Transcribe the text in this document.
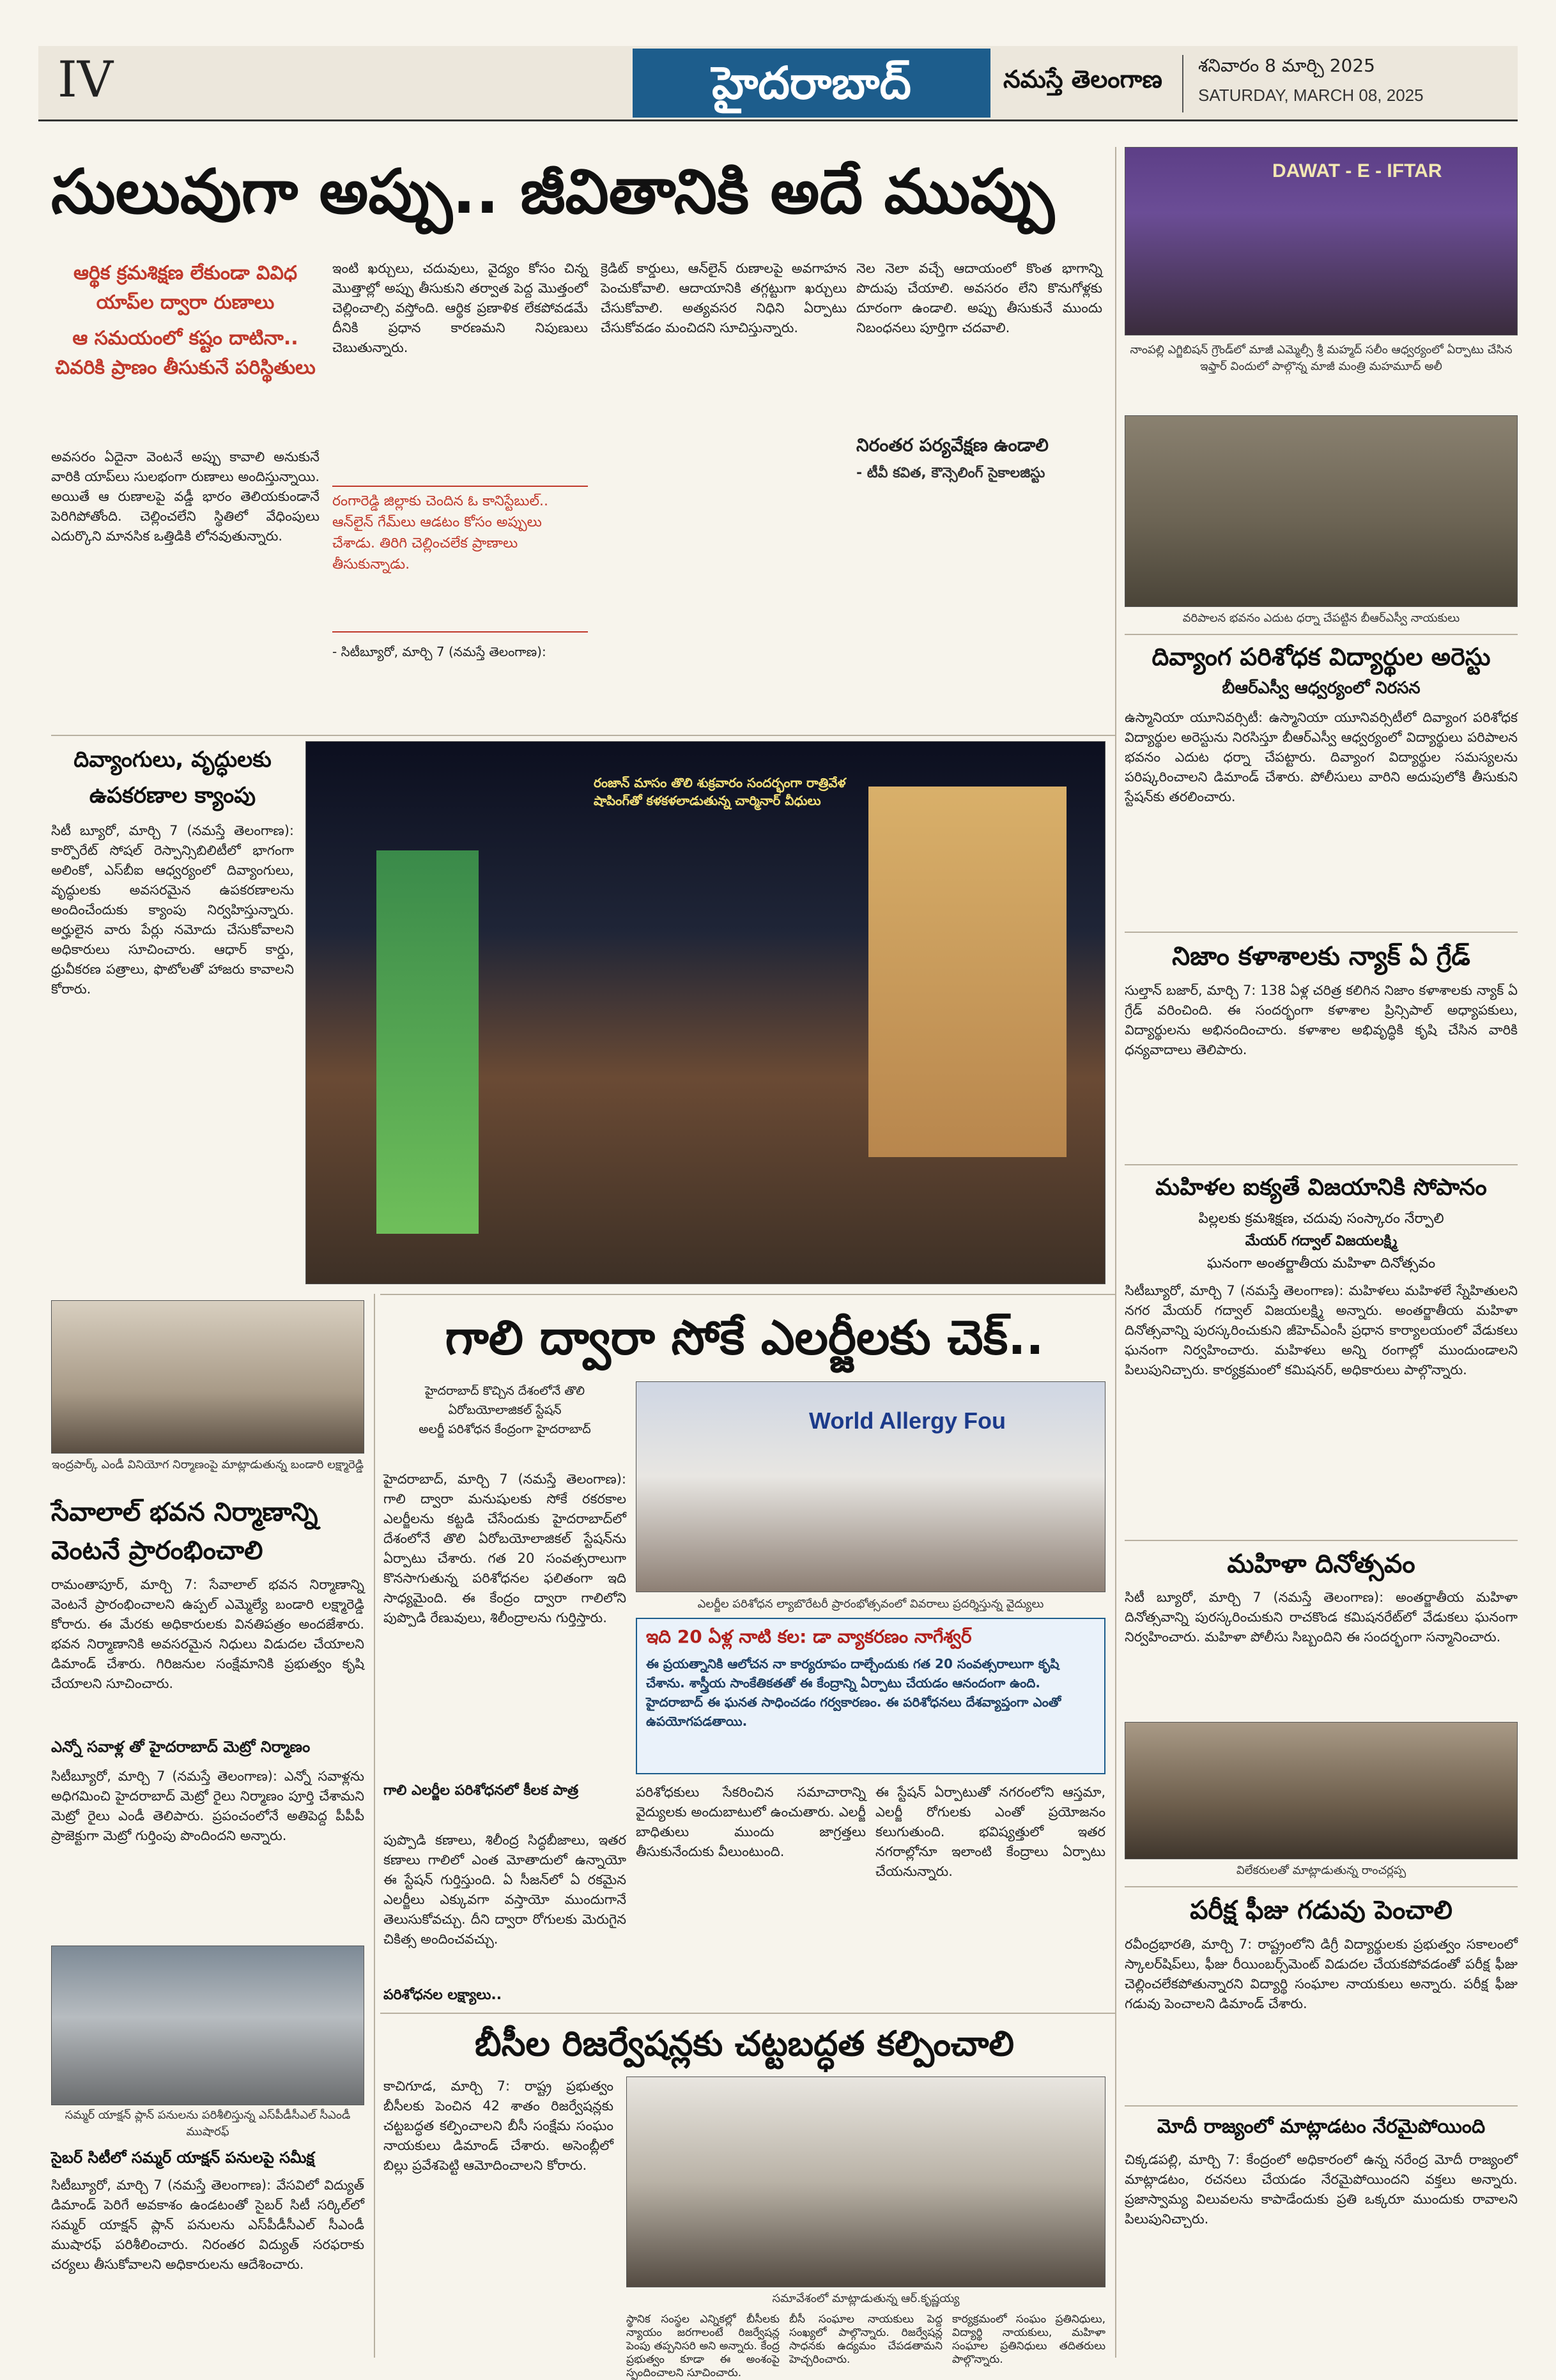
IV	హైదరాబాద్	నమస్తే తెలంగాణ శనివారం 8 మార్చి 2025
SATURDAY, MARCH 08, 2025
సులువుగా అప్పు.. జీవితానికి అదే ముప్పు
ఆర్థిక క్రమశిక్షణ లేకుండా వివిధ యాప్‌ల ద్వారా రుణాలు
ఆ సమయంలో కష్టం దాటినా.. చివరికి ప్రాణం తీసుకునే పరిస్థితులు
అవసరం ఏదైనా వెంటనే అప్పు కావాలి అనుకునే వారికి యాప్‌లు సులభంగా రుణాలు అందిస్తున్నాయి. అయితే ఆ రుణాలపై వడ్డీ భారం తెలియకుండానే పెరిగిపోతోంది. చెల్లించలేని స్థితిలో వేధింపులు ఎదుర్కొని మానసిక ఒత్తిడికి లోనవుతున్నారు.
ఇంటి ఖర్చులు, చదువులు, వైద్యం కోసం చిన్న మొత్తాల్లో అప్పు తీసుకుని తర్వాత పెద్ద మొత్తంలో చెల్లించాల్సి వస్తోంది. ఆర్థిక ప్రణాళిక లేకపోవడమే దీనికి ప్రధాన కారణమని నిపుణులు చెబుతున్నారు.
రంగారెడ్డి జిల్లాకు చెందిన ఓ కానిస్టేబుల్.. ఆన్‌లైన్ గేమ్‌లు ఆడటం కోసం అప్పులు చేశాడు. తిరిగి చెల్లించలేక ప్రాణాలు తీసుకున్నాడు.
- సిటీబ్యూరో, మార్చి 7 (నమస్తే తెలంగాణ):
క్రెడిట్ కార్డులు, ఆన్‌లైన్ రుణాలపై అవగాహన పెంచుకోవాలి. ఆదాయానికి తగ్గట్టుగా ఖర్చులు చేసుకోవాలి. అత్యవసర నిధిని ఏర్పాటు చేసుకోవడం మంచిదని సూచిస్తున్నారు.
నెల నెలా వచ్చే ఆదాయంలో కొంత భాగాన్ని పొదుపు చేయాలి. అవసరం లేని కొనుగోళ్లకు దూరంగా ఉండాలి. అప్పు తీసుకునే ముందు నిబంధనలు పూర్తిగా చదవాలి.
నిరంతర పర్యవేక్షణ ఉండాలి
- టీవీ కవిత, కౌన్సెలింగ్ సైకాలజిస్టు
DAWAT - E - IFTAR
నాంపల్లి ఎగ్జిబిషన్ గ్రౌండ్‌లో మాజీ ఎమ్మెల్సీ శ్రీ మహ్మద్ సలీం ఆధ్వర్యంలో ఏర్పాటు చేసిన ఇఫ్తార్ విందులో పాల్గొన్న మాజీ మంత్రి మహమూద్ అలీ
వరిపాలన భవనం ఎదుట ధర్నా చేపట్టిన బీఆర్‌ఎస్వీ నాయకులు
దివ్యాంగ పరిశోధక విద్యార్థుల అరెస్టు
బీఆర్‌ఎస్వీ ఆధ్వర్యంలో నిరసన
ఉస్మానియా యూనివర్సిటీ: ఉస్మానియా యూనివర్సిటీలో దివ్యాంగ పరిశోధక విద్యార్థుల అరెస్టును నిరసిస్తూ బీఆర్‌ఎస్వీ ఆధ్వర్యంలో విద్యార్థులు పరిపాలన భవనం ఎదుట ధర్నా చేపట్టారు. దివ్యాంగ విద్యార్థుల సమస్యలను పరిష్కరించాలని డిమాండ్ చేశారు. పోలీసులు వారిని అదుపులోకి తీసుకుని స్టేషన్‌కు తరలించారు.
నిజాం కళాశాలకు న్యాక్ ఏ గ్రేడ్
సుల్తాన్ బజార్, మార్చి 7: 138 ఏళ్ల చరిత్ర కలిగిన నిజాం కళాశాలకు న్యాక్ ఏ గ్రేడ్ వరించింది. ఈ సందర్భంగా కళాశాల ప్రిన్సిపాల్ అధ్యాపకులు, విద్యార్థులను అభినందించారు. కళాశాల అభివృద్ధికి కృషి చేసిన వారికి ధన్యవాదాలు తెలిపారు.
మహిళల ఐక్యతే విజయానికి సోపానం
పిల్లలకు క్రమశిక్షణ, చదువు సంస్కారం నేర్పాలి
మేయర్ గద్వాల్ విజయలక్ష్మి
ఘనంగా అంతర్జాతీయ మహిళా దినోత్సవం
సిటీబ్యూరో, మార్చి 7 (నమస్తే తెలంగాణ): మహిళలు మహిళలే స్నేహితులని నగర మేయర్ గద్వాల్ విజయలక్ష్మి అన్నారు. అంతర్జాతీయ మహిళా దినోత్సవాన్ని పురస్కరించుకుని జీహెచ్‌ఎంసీ ప్రధాన కార్యాలయంలో వేడుకలు ఘనంగా నిర్వహించారు. మహిళలు అన్ని రంగాల్లో ముందుండాలని పిలుపునిచ్చారు. కార్యక్రమంలో కమిషనర్, అధికారులు పాల్గొన్నారు.
మహిళా దినోత్సవం
సిటీ బ్యూరో, మార్చి 7 (నమస్తే తెలంగాణ): అంతర్జాతీయ మహిళా దినోత్సవాన్ని పురస్కరించుకుని రాచకొండ కమిషనరేట్‌లో వేడుకలు ఘనంగా నిర్వహించారు. మహిళా పోలీసు సిబ్బందిని ఈ సందర్భంగా సన్మానించారు.
విలేకరులతో మాట్లాడుతున్న రాంచర్లప్ప
పరీక్ష ఫీజు గడువు పెంచాలి
రవీంద్రభారతి, మార్చి 7: రాష్ట్రంలోని డిగ్రీ విద్యార్థులకు ప్రభుత్వం సకాలంలో స్కాలర్‌షిప్‌లు, ఫీజు రీయింబర్స్‌మెంట్ విడుదల చేయకపోవడంతో పరీక్ష ఫీజు చెల్లించలేకపోతున్నారని విద్యార్థి సంఘాల నాయకులు అన్నారు. పరీక్ష ఫీజు గడువు పెంచాలని డిమాండ్ చేశారు.
మోదీ రాజ్యంలో మాట్లాడటం నేరమైపోయింది
చిక్కడపల్లి, మార్చి 7: కేంద్రంలో అధికారంలో ఉన్న నరేంద్ర మోదీ రాజ్యంలో మాట్లాడటం, రచనలు చేయడం నేరమైపోయిందని వక్తలు అన్నారు. ప్రజాస్వామ్య విలువలను కాపాడేందుకు ప్రతి ఒక్కరూ ముందుకు రావాలని పిలుపునిచ్చారు.
దివ్యాంగులు, వృద్ధులకు
ఉపకరణాల క్యాంపు
సిటీ బ్యూరో, మార్చి 7 (నమస్తే తెలంగాణ): కార్పొరేట్ సోషల్ రెస్పాన్సిబిలిటీలో భాగంగా అలింకో, ఎస్‌బీఐ ఆధ్వర్యంలో దివ్యాంగులు, వృద్ధులకు అవసరమైన ఉపకరణాలను అందించేందుకు క్యాంపు నిర్వహిస్తున్నారు. అర్హులైన వారు పేర్లు నమోదు చేసుకోవాలని అధికారులు సూచించారు. ఆధార్ కార్డు, ధ్రువీకరణ పత్రాలు, ఫొటోలతో హాజరు కావాలని కోరారు.
రంజాన్ మాసం తొలి శుక్రవారం సందర్భంగా రాత్రివేళ షాపింగ్‌తో కళకళలాడుతున్న చార్మినార్ వీధులు
గాలి ద్వారా సోకే ఎలర్జీలకు చెక్..
హైదరాబాద్‌ కొచ్చిన దేశంలోనే తొలి ఏరోబయోలాజికల్ స్టేషన్
అలర్జీ పరిశోధన కేంద్రంగా హైదరాబాద్
హైదరాబాద్, మార్చి 7 (నమస్తే తెలంగాణ): గాలి ద్వారా మనుషులకు సోకే రకరకాల ఎలర్జీలను కట్టడి చేసేందుకు హైదరాబాద్‌లో దేశంలోనే తొలి ఏరోబయోలాజికల్ స్టేషన్‌ను ఏర్పాటు చేశారు. గత 20 సంవత్సరాలుగా కొనసాగుతున్న పరిశోధనల ఫలితంగా ఇది సాధ్యమైంది. ఈ కేంద్రం ద్వారా గాలిలోని పుప్పొడి రేణువులు, శిలీంద్రాలను గుర్తిస్తారు.
World Allergy Fou
ఎలర్జీల పరిశోధన ల్యాబొరేటరీ ప్రారంభోత్సవంలో వివరాలు ప్రదర్శిస్తున్న వైద్యులు
ఇది 20 ఏళ్ల నాటి కల: డా వ్యాకరణం నాగేశ్వర్
ఈ ప్రయత్నానికి ఆలోచన నా కార్యరూపం దాల్చేందుకు గత 20 సంవత్సరాలుగా కృషి చేశాను. శాస్త్రీయ సాంకేతికతతో ఈ కేంద్రాన్ని ఏర్పాటు చేయడం ఆనందంగా ఉంది. హైదరాబాద్ ఈ ఘనత సాధించడం గర్వకారణం. ఈ పరిశోధనలు దేశవ్యాప్తంగా ఎంతో ఉపయోగపడతాయి.
పుప్పొడి కణాలు, శిలీంద్ర సిద్ధబీజాలు, ఇతర కణాలు గాలిలో ఎంత మోతాదులో ఉన్నాయో ఈ స్టేషన్ గుర్తిస్తుంది. ఏ సీజన్‌లో ఏ రకమైన ఎలర్జీలు ఎక్కువగా వస్తాయో ముందుగానే తెలుసుకోవచ్చు. దీని ద్వారా రోగులకు మెరుగైన చికిత్స అందించవచ్చు.
గాలి ఎలర్జీల పరిశోధనలో కీలక పాత్ర
పరిశోధనల లక్ష్యాలు..
పరిశోధకులు సేకరించిన సమాచారాన్ని వైద్యులకు అందుబాటులో ఉంచుతారు. ఎలర్జీ బాధితులు ముందు జాగ్రత్తలు తీసుకునేందుకు వీలుంటుంది.
ఈ స్టేషన్ ఏర్పాటుతో నగరంలోని ఆస్తమా, ఎలర్జీ రోగులకు ఎంతో ప్రయోజనం కలుగుతుంది. భవిష్యత్తులో ఇతర నగరాల్లోనూ ఇలాంటి కేంద్రాలు ఏర్పాటు చేయనున్నారు.
ఇంద్రపార్క్ ఎండీ వినియోగ నిర్మాణంపై మాట్లాడుతున్న బండారి లక్ష్మారెడ్డి
సేవాలాల్ భవన నిర్మాణాన్ని
వెంటనే ప్రారంభించాలి
రామంతాపూర్, మార్చి 7: సేవాలాల్ భవన నిర్మాణాన్ని వెంటనే ప్రారంభించాలని ఉప్పల్ ఎమ్మెల్యే బండారి లక్ష్మారెడ్డి కోరారు. ఈ మేరకు అధికారులకు వినతిపత్రం అందజేశారు. భవన నిర్మాణానికి అవసరమైన నిధులు విడుదల చేయాలని డిమాండ్ చేశారు. గిరిజనుల సంక్షేమానికి ప్రభుత్వం కృషి చేయాలని సూచించారు.
ఎన్నో సవాళ్ల తో హైదరాబాద్ మెట్రో నిర్మాణం
సిటీబ్యూరో, మార్చి 7 (నమస్తే తెలంగాణ): ఎన్నో సవాళ్లను అధిగమించి హైదరాబాద్ మెట్రో రైలు నిర్మాణం పూర్తి చేశామని మెట్రో రైలు ఎండీ తెలిపారు. ప్రపంచంలోనే అతిపెద్ద పీపీపీ ప్రాజెక్టుగా మెట్రో గుర్తింపు పొందిందని అన్నారు.
సమ్మర్ యాక్షన్ ప్లాన్ పనులను పరిశీలిస్తున్న ఎస్‌పీడీసీఎల్ సీఎండీ ముషారఫ్
సైబర్ సిటీలో సమ్మర్ యాక్షన్ పనులపై సమీక్ష
సిటీబ్యూరో, మార్చి 7 (నమస్తే తెలంగాణ): వేసవిలో విద్యుత్ డిమాండ్ పెరిగే అవకాశం ఉండటంతో సైబర్ సిటీ సర్కిల్‌లో సమ్మర్ యాక్షన్ ప్లాన్ పనులను ఎస్‌పీడీసీఎల్ సీఎండీ ముషారఫ్ పరిశీలించారు. నిరంతర విద్యుత్ సరఫరాకు చర్యలు తీసుకోవాలని అధికారులను ఆదేశించారు.
బీసీల రిజర్వేషన్లకు చట్టబద్ధత కల్పించాలి
కాచిగూడ, మార్చి 7: రాష్ట్ర ప్రభుత్వం బీసీలకు పెంచిన 42 శాతం రిజర్వేషన్లకు చట్టబద్ధత కల్పించాలని బీసీ సంక్షేమ సంఘం నాయకులు డిమాండ్ చేశారు. అసెంబ్లీలో బిల్లు ప్రవేశపెట్టి ఆమోదించాలని కోరారు.
సమావేశంలో మాట్లాడుతున్న ఆర్.కృష్ణయ్య
స్థానిక సంస్థల ఎన్నికల్లో బీసీలకు న్యాయం జరగాలంటే రిజర్వేషన్ల పెంపు తప్పనిసరి అని అన్నారు. కేంద్ర ప్రభుత్వం కూడా ఈ అంశంపై స్పందించాలని సూచించారు.
బీసీ సంఘాల నాయకులు పెద్ద సంఖ్యలో పాల్గొన్నారు. రిజర్వేషన్ల సాధనకు ఉద్యమం చేపడతామని హెచ్చరించారు.
కార్యక్రమంలో సంఘం ప్రతినిధులు, విద్యార్థి నాయకులు, మహిళా సంఘాల ప్రతినిధులు తదితరులు పాల్గొన్నారు.
